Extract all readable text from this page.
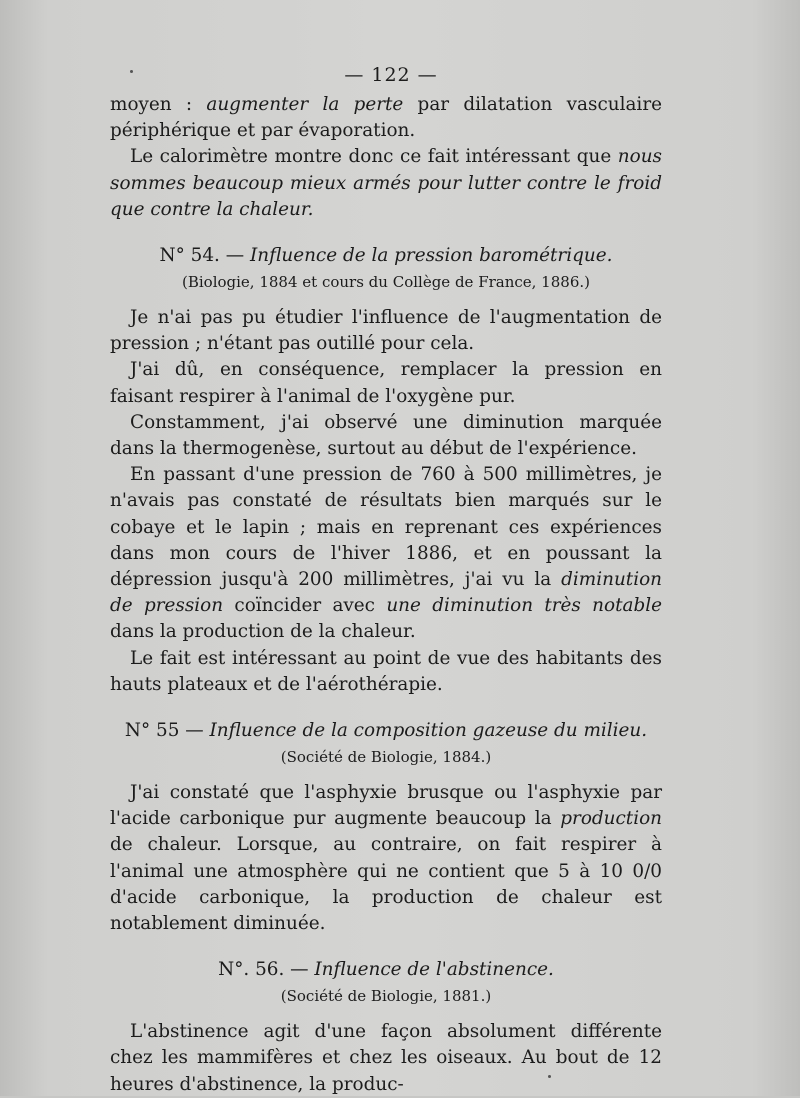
— 122 —

moyen : augmenter la perte par dilatation vasculaire périphérique et par évaporation.

Le calorimètre montre donc ce fait intéressant que nous sommes beaucoup mieux armés pour lutter contre le froid que contre la chaleur.

N° 54. — Influence de la pression barométrique.
(Biologie, 1884 et cours du Collège de France, 1886.)

Je n'ai pas pu étudier l'influence de l'augmentation de pression ; n'étant pas outillé pour cela.

J'ai dû, en conséquence, remplacer la pression en faisant respirer à l'animal de l'oxygène pur.

Constamment, j'ai observé une diminution marquée dans la thermogenèse, surtout au début de l'expérience.

En passant d'une pression de 760 à 500 millimètres, je n'avais pas constaté de résultats bien marqués sur le cobaye et le lapin ; mais en reprenant ces expériences dans mon cours de l'hiver 1886, et en poussant la dépression jusqu'à 200 millimètres, j'ai vu la diminution de pression coïncider avec une diminution très notable dans la production de la chaleur.

Le fait est intéressant au point de vue des habitants des hauts plateaux et de l'aérothérapie.

N° 55 — Influence de la composition gazeuse du milieu.
(Société de Biologie, 1884.)

J'ai constaté que l'asphyxie brusque ou l'asphyxie par l'acide carbonique pur augmente beaucoup la production de chaleur. Lorsque, au contraire, on fait respirer à l'animal une atmosphère qui ne contient que 5 à 10 0/0 d'acide carbonique, la production de chaleur est notablement diminuée.

N°. 56. — Influence de l'abstinence.
(Société de Biologie, 1881.)

L'abstinence agit d'une façon absolument différente chez les mammifères et chez les oiseaux. Au bout de 12 heures d'abstinence, la produc-
